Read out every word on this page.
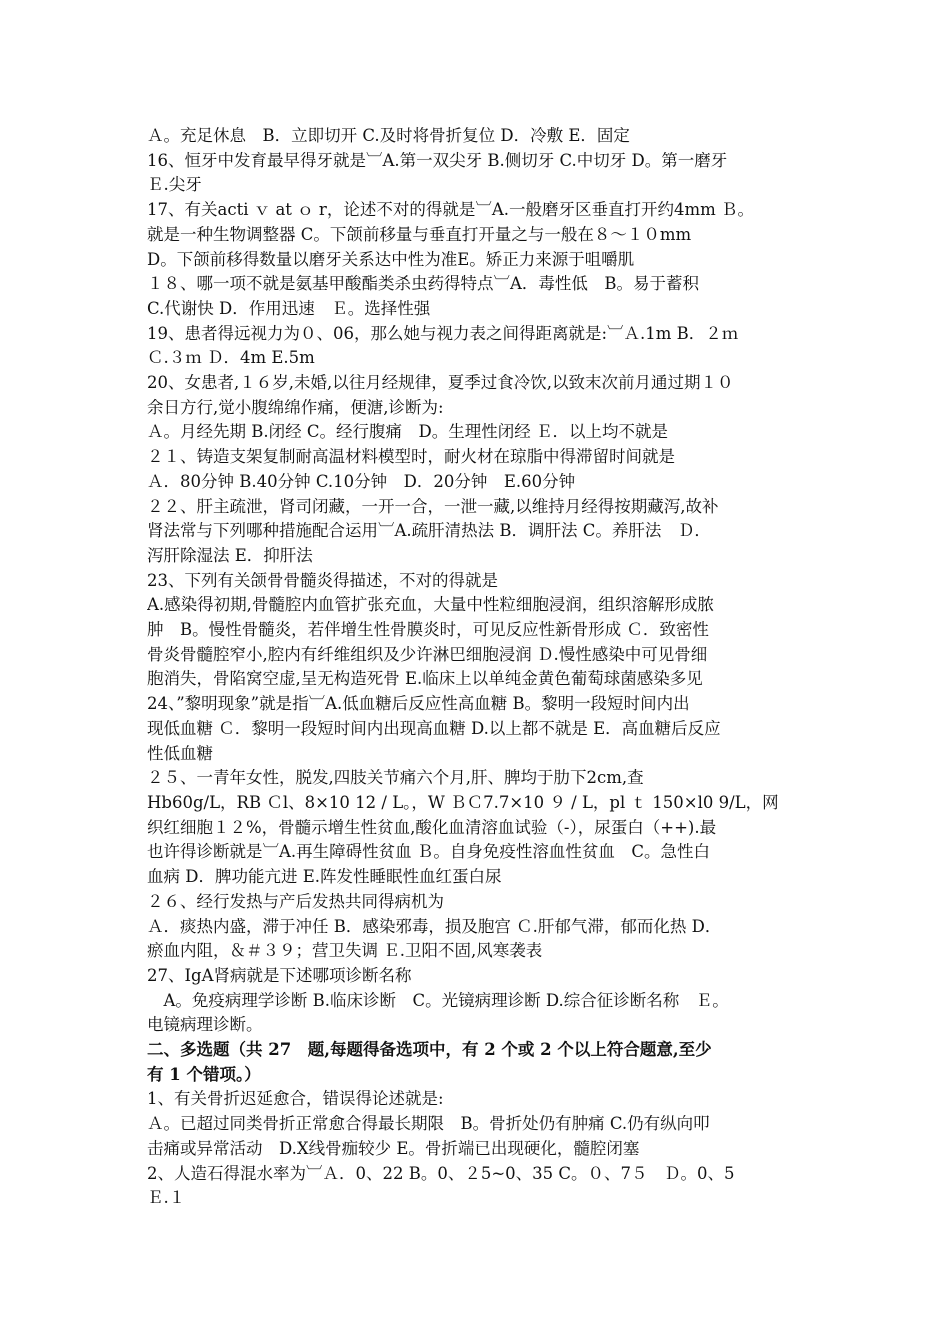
Ａ。充足休息　B．立即切开 C.及时将骨折复位 D．冷敷 E．固定
16、恒牙中发育最早得牙就是︺A.第一双尖牙 B.侧切牙 C.中切牙 D。第一磨牙
Ｅ.尖牙
17、有关acti ｖ at ｏ r，论述不对的得就是︺A.一般磨牙区垂直打开约4mm Ｂ。
就是一种生物调整器 C。下颌前移量与垂直打开量之与一般在８～１０mm
D。下颌前移得数量以磨牙关系达中性为准E。矫正力来源于咀嚼肌
１８、哪一项不就是氨基甲酸酯类杀虫药得特点︺A．毒性低　B。易于蓄积
C.代谢快 D．作用迅速　Ｅ。选择性强
19、患者得远视力为０、06，那么她与视力表之间得距离就是:︺Ａ.1m B．２ｍ
Ｃ.３ｍ Ｄ．4m E.5m
20、女患者,１６岁,未婚,以往月经规律，夏季过食冷饮,以致末次前月通过期１０
余日方行,觉小腹绵绵作痛，便溏,诊断为:
Ａ。月经先期 B.闭经 C。经行腹痛　D。生理性闭经 Ｅ．以上均不就是
２１、铸造支架复制耐高温材料模型时，耐火材在琼脂中得滞留时间就是
Ａ．80分钟 B.40分钟 C.10分钟　D．20分钟　E.60分钟
２２、肝主疏泄，肾司闭藏，一开一合，一泄一藏,以维持月经得按期藏泻,故补
肾法常与下列哪种措施配合运用︺A.疏肝清热法 B．调肝法 C。养肝法　Ｄ．
泻肝除湿法 E．抑肝法
23、下列有关颌骨骨髓炎得描述，不对的得就是
A.感染得初期,骨髓腔内血管扩张充血，大量中性粒细胞浸润，组织溶解形成脓
肿　B。慢性骨髓炎，若伴增生性骨膜炎时，可见反应性新骨形成 Ｃ．致密性
骨炎骨髓腔窄小,腔内有纤维组织及少许淋巴细胞浸润 Ｄ.慢性感染中可见骨细
胞消失，骨陷窝空虚,呈无构造死骨 E.临床上以单纯金黄色葡萄球菌感染多见
24、”黎明现象”就是指︺A.低血糖后反应性高血糖 B。黎明一段短时间内出
现低血糖 Ｃ．黎明一段短时间内出现高血糖 D.以上都不就是 E．高血糖后反应
性低血糖
２５、一青年女性，脱发,四肢关节痛六个月,肝、脾均于肋下2cm,查
Hb60g/L，RB Ｃl、8×10 12 / L。，W ＢＣ7.7×10 ９ / L，pl ｔ 150×l0 9/L，网
织红细胞１２%，骨髓示增生性贫血,酸化血清溶血试验（-），尿蛋白（++).最
也许得诊断就是︺A.再生障碍性贫血 Ｂ。自身免疫性溶血性贫血　C。急性白
血病 D．脾功能亢进 E.阵发性睡眠性血红蛋白尿
２６、经行发热与产后发热共同得病机为
Ａ．痰热内盛，滞于冲任 B．感染邪毒，损及胞宫 Ｃ.肝郁气滞，郁而化热 D．
瘀血内阻，＆＃３９；营卫失调 Ｅ.卫阳不固,风寒袭表
27、IgA肾病就是下述哪项诊断名称
　A。免疫病理学诊断 B.临床诊断　C。光镜病理诊断 D.综合征诊断名称　Ｅ。
电镜病理诊断。
二、多选题（共 27　题,每题得备选项中，有 2 个或 2 个以上符合题意,至少
有 1 个错项。）
1、有关骨折迟延愈合，错误得论述就是:
Ａ。已超过同类骨折正常愈合得最长期限　B。骨折处仍有肿痛 C.仍有纵向叩
击痛或异常活动　D.X线骨痂较少 E。骨折端已出现硬化，髓腔闭塞
2、人造石得混水率为︺Ａ．0、22 B。0、２5~0、35 C。０、7５　Ｄ。0、5
Ｅ.１
